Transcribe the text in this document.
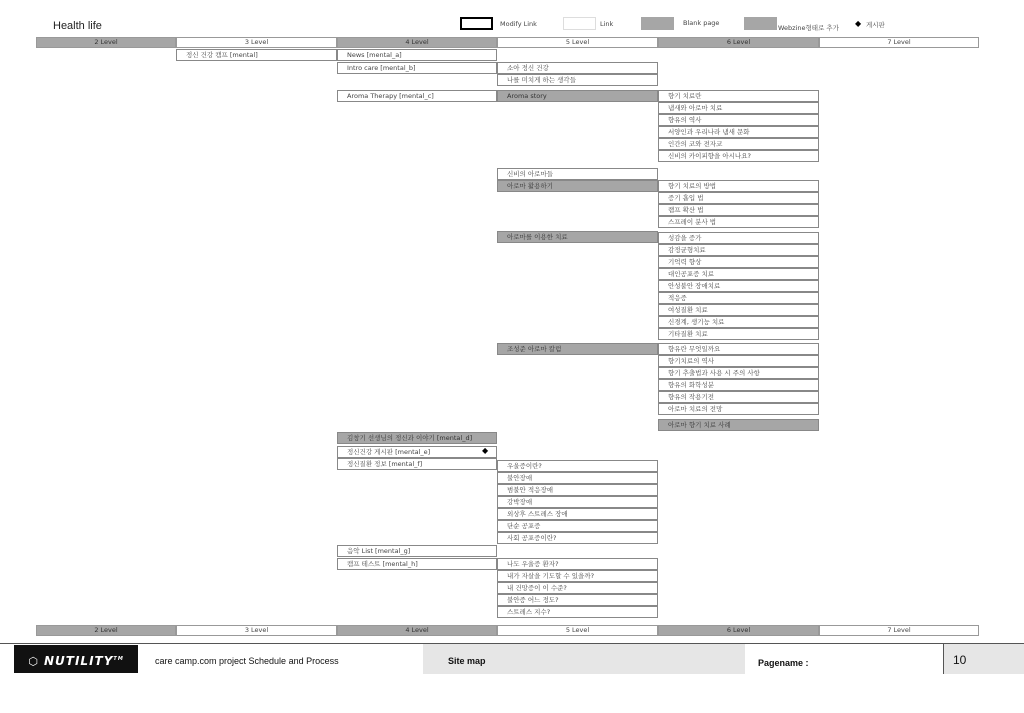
Health life	Modify Link	Link	Blank page
Webzine형태로 추가 ◆ 게시판
2 Level	3 Level	4 Level	5 Level	6 Level	7 Level
정신 건강 캠프 [mental]	News [mental_a]
Intro care [mental_b]
Aroma Therapy [mental_c]
김창기 선생님의 정신과 이야기 [mental_d]
정신건강 게시판 [mental_e]	◆
정신질환 정보 [mental_f]
음악 List [mental_g]
캠프 테스트 [mental_h]
소아 정신 건강
나를 미치게 하는 생각들
Aroma story
신비의 아로마들
아로마 활용하기
아로마를 이용한 치료
조성준 아로마 칼럼
우울증이란?
불안장애
범불안 적응장애
강박장애
외상후 스트레스 장애
단순 공포증
사회 공포증이란?
나도 우울증 환자?
내가 자살을 기도할 수 있을까?
내 건망증이 이 수준?
불안증 어느 정도?
스트레스 지수?
향기 치료란
냄새와 아로마 치료
향유의 역사
서양인과 우리나라 냄새 문화
인간의 코와 전자코
신비의 카이피향을 아시나요?
향기 치료의 방법
증기 흡입 법
램프 확산 법
스프레이 분사 법
성감을 증가
감정균형치료
기억력 향상
대인공포증 치료
안성불안 장애치료
적응증
여성질환 치료
신경계, 생기능 치료
기타질환 치료
향유란 무엇일까요
향기치료의 역사
향기 추출법과 사용 시 주의 사항
향유의 화학성분
향유의 작용기전
아로마 치료의 전망
아로마 향기 치료 사례
2 Level	3 Level	4 Level	5 Level	6 Level	7 Level
⬡ NUTILITY™	care camp.com project Schedule and Process	Site map	Pagename :	10
